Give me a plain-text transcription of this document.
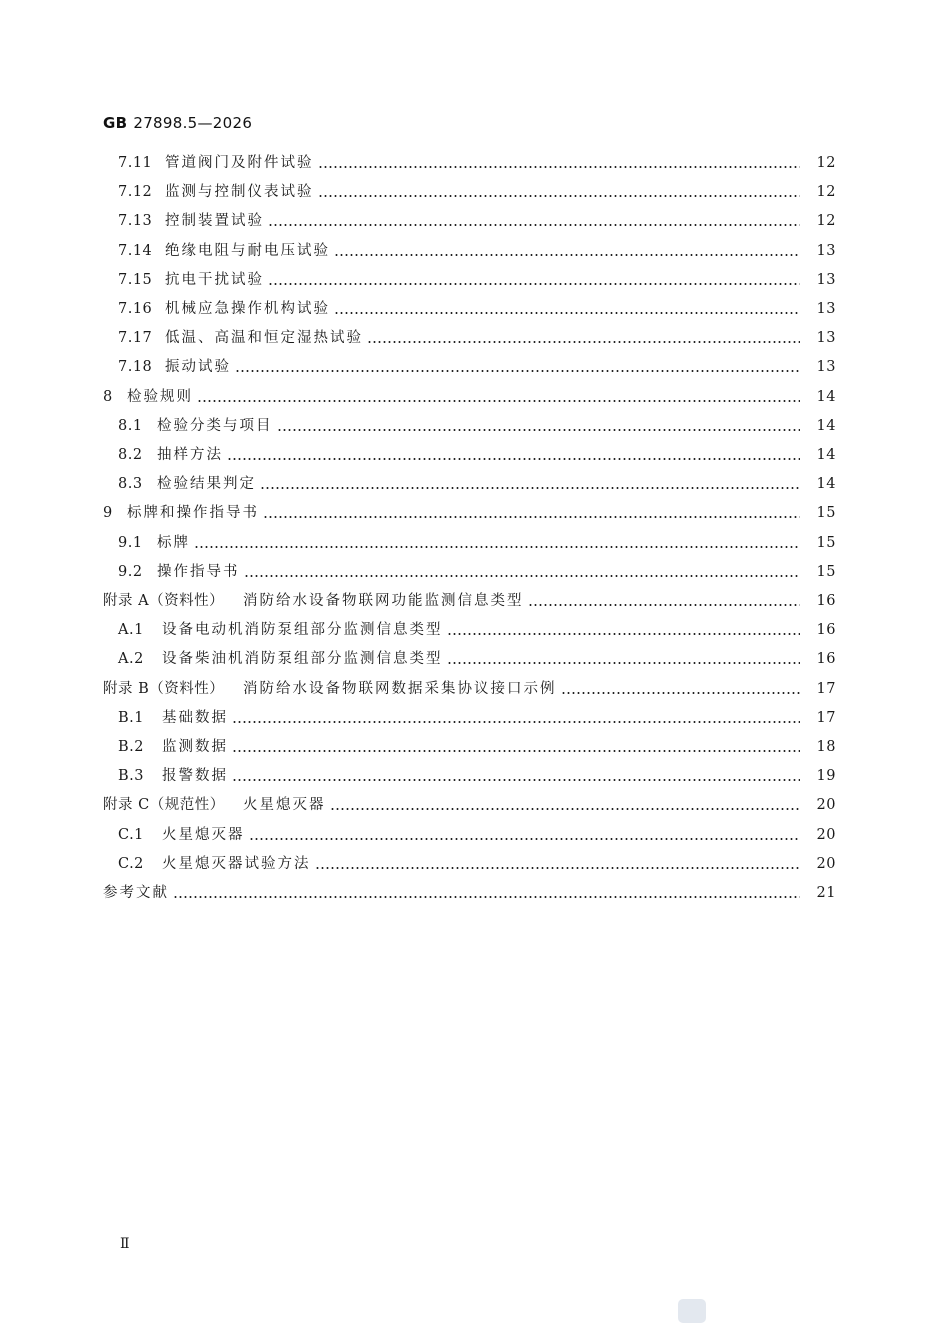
GB 27898.5—2026
7.11 管道阀门及附件试验	12
7.12 监测与控制仪表试验	12
7.13 控制装置试验	12
7.14 绝缘电阻与耐电压试验	13
7.15 抗电干扰试验	13
7.16 机械应急操作机构试验	13
7.17 低温、高温和恒定湿热试验	13
7.18 振动试验	13
8 检验规则	14
8.1 检验分类与项目	14
8.2 抽样方法	14
8.3 检验结果判定	14
9 标牌和操作指导书	15
9.1 标牌	15
9.2 操作指导书	15
附录 A（资料性）	消防给水设备物联网功能监测信息类型	16
A.1	设备电动机消防泵组部分监测信息类型	16
A.2	设备柴油机消防泵组部分监测信息类型	16
附录 B（资料性）	消防给水设备物联网数据采集协议接口示例	17
B.1	基础数据	17
B.2	监测数据	18
B.3	报警数据	19
附录 C（规范性）	火星熄灭器	20
C.1	火星熄灭器	20
C.2	火星熄灭器试验方法	20
参考文献	21
Ⅱ
